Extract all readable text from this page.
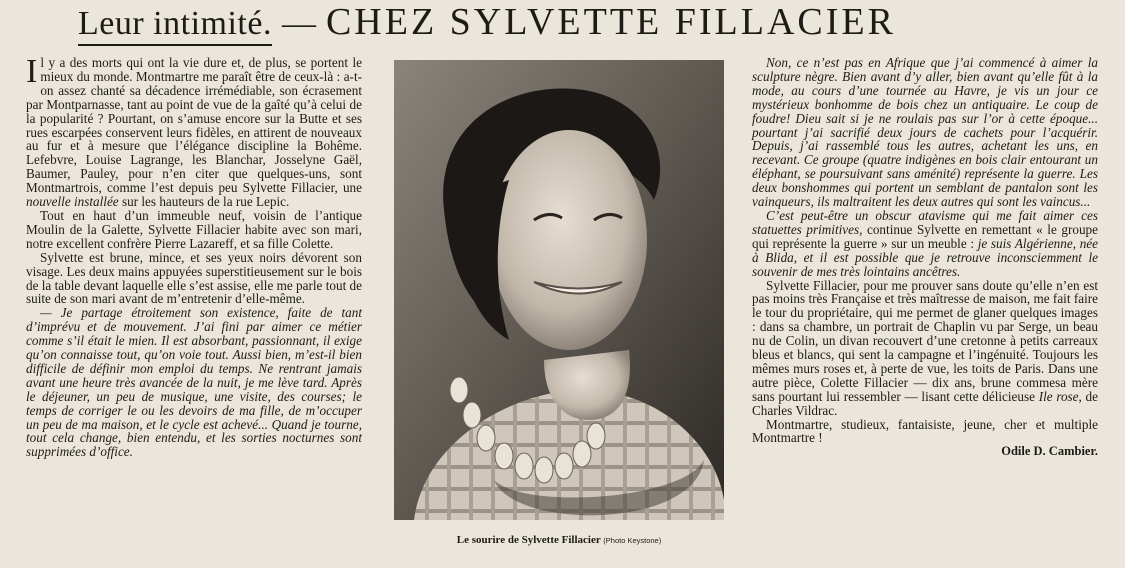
Leur intimité. — CHEZ SYLVETTE FILLACIER

Il y a des morts qui ont la vie dure et, de plus, se portent le mieux du monde. Montmartre me paraît être de ceux-là : a-t-on assez chanté sa décadence irrémédiable, son écrasement par Montparnasse, tant au point de vue de la gaîté qu’à celui de la popularité ? Pourtant, on s’amuse encore sur la Butte et ses rues escarpées conservent leurs fidèles, en attirent de nouveaux au fur et à mesure que l’élégance discipline la Bohême. Lefebvre, Louise Lagrange, les Blanchar, Josselyne Gaël, Baumer, Pauley, pour n’en citer que quelques-uns, sont Montmartrois, comme l’est depuis peu Sylvette Fillacier, une nouvelle installée sur les hauteurs de la rue Lepic.

Tout en haut d’un immeuble neuf, voisin de l’antique Moulin de la Galette, Sylvette Fillacier habite avec son mari, notre excellent confrère Pierre Lazareff, et sa fille Colette.

Sylvette est brune, mince, et ses yeux noirs dévorent son visage. Les deux mains appuyées superstitieusement sur le bois de la table devant laquelle elle s’est assise, elle me parle tout de suite de son mari avant de m’entretenir d’elle-même.

— Je partage étroitement son existence, faite de tant d’imprévu et de mouvement. J’ai fini par aimer ce métier comme s’il était le mien. Il est absorbant, passionnant, il exige qu’on connaisse tout, qu’on voie tout. Aussi bien, m’est-il bien difficile de définir mon emploi du temps. Ne rentrant jamais avant une heure très avancée de la nuit, je me lève tard. Après le déjeuner, un peu de musique, une visite, des courses; le temps de corriger le ou les devoirs de ma fille, de m’occuper un peu de ma maison, et le cycle est achevé... Quand je tourne, tout cela change, bien entendu, et les sorties nocturnes sont supprimées d’office.

Le sourire de Sylvette Fillacier (Photo Keystone)

Non, ce n’est pas en Afrique que j’ai commencé à aimer la sculpture nègre. Bien avant d’y aller, bien avant qu’elle fût à la mode, au cours d’une tournée au Havre, je vis un jour ce mystérieux bonhomme de bois chez un antiquaire. Le coup de foudre! Dieu sait si je ne roulais pas sur l’or à cette époque... pourtant j’ai sacrifié deux jours de cachets pour l’acquérir. Depuis, j’ai rassemblé tous les autres, achetant les uns, en recevant. Ce groupe (quatre indigènes en bois clair entourant un éléphant, se poursuivant sans aménité) représente la guerre. Les deux bonshommes qui portent un semblant de pantalon sont les vainqueurs, ils maltraitent les deux autres qui sont les vaincus...

C’est peut-être un obscur atavisme qui me fait aimer ces statuettes primitives, continue Sylvette en remettant « le groupe qui représente la guerre » sur un meuble : je suis Algérienne, née à Blida, et il est possible que je retrouve inconsciemment le souvenir de mes très lointains ancêtres.

Sylvette Fillacier, pour me prouver sans doute qu’elle n’en est pas moins très Française et très maîtresse de maison, me fait faire le tour du propriétaire, qui me permet de glaner quelques images : dans sa chambre, un portrait de Chaplin vu par Serge, un beau nu de Colin, un divan recouvert d’une cretonne à petits carreaux bleus et blancs, qui sent la campagne et l’ingénuité. Toujours les mêmes murs roses et, à perte de vue, les toits de Paris. Dans une autre pièce, Colette Fillacier — dix ans, brune commesa mère sans pourtant lui ressembler — lisant cette délicieuse Ile rose, de Charles Vildrac.

Montmartre, studieux, fantaisiste, jeune, cher et multiple Montmartre !

Odile D. Cambier.
